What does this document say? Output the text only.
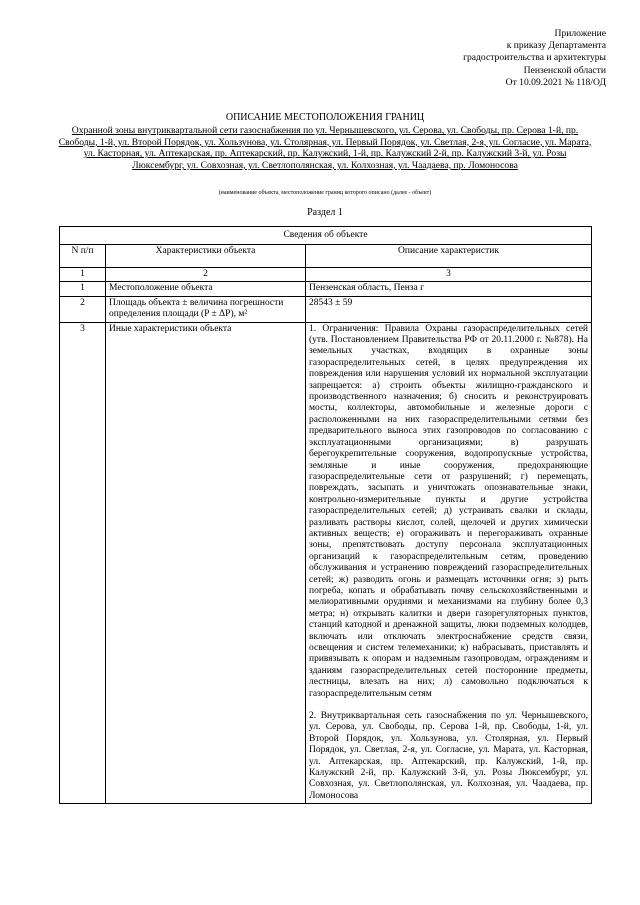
Приложение
к приказу Департамента
градостроительства и архитектуры
Пензенской области
От 10.09.2021 № 118/ОД
ОПИСАНИЕ МЕСТОПОЛОЖЕНИЯ ГРАНИЦ
Охранной зоны внутриквартальной сети газоснабжения по ул. Чернышевского, ул. Серова, ул. Свободы, пр. Серова 1-й, пр. Свободы, 1-й, ул. Второй Порядок, ул. Хользунова, ул. Столярная, ул. Первый Порядок, ул. Светлая, 2-я, ул. Согласие, ул. Марата, ул. Касторная, ул. Аптекарская, пр. Аптекарский, пр. Калужский, 1-й, пр. Калужский 2-й, пр. Калужский 3-й, ул. Розы Люксембург, ул. Совхозная, ул. Светлополянская, ул. Колхозная, ул. Чаадаева, пр. Ломоносова
(наименование объекта, местоположение границ которого описано (далее - объект)
Раздел 1
Сведения об объекте		
N п/п	Характеристики объекта	Описание характеристик
1	2	3
1	Местоположение объекта	Пензенская область, Пенза г
2	Площадь объекта ± величина погрешности определения площади (P ± ΔP), м²	28543 ± 59
3	Иные характеристики объекта	1. Ограничения: Правила Охраны газораспределительных сетей (утв. Постановлением Правительства РФ от 20.11.2000 г. №878). На земельных участках, входящих в охранные зоны газораспределительных сетей, в целях предупреждения их повреждения или нарушения условий их нормальной эксплуатации запрещается: а) строить объекты жилищно-гражданского и производственного назначения; б) сносить и реконструировать мосты, коллекторы, автомобильные и железные дороги с расположенными на них газораспределительными сетями без предварительного выноса этих газопроводов по согласованию с эксплуатационными организациями; в) разрушать берегоукрепительные сооружения, водопропускные устройства, земляные и иные сооружения, предохраняющие газораспределительные сети от разрушений; г) перемещать, повреждать, засыпать и уничтожать опознавательные знаки, контрольно-измерительные пункты и другие устройства газораспределительных сетей; д) устраивать свалки и склады, разливать растворы кислот, солей, щелочей и других химически активных веществ; е) огораживать и перегораживать охранные зоны, препятствовать доступу персонала эксплуатационных организаций к газораспределительным сетям, проведению обслуживания и устранению повреждений газораспределительных сетей; ж) разводить огонь и размещать источники огня; з) рыть погреба, копать и обрабатывать почву сельскохозяйственными и мелиоративными орудиями и механизмами на глубину более 0,3 метра; н) открывать калитки и двери газорегуляторных пунктов, станций катодной и дренажной защиты, люки подземных колодцев, включать или отключать электроснабжение средств связи, освещения и систем телемеханики; к) набрасывать, приставлять и привязывать к опорам и надземным газопроводам, ограждениям и зданиям газораспределительных сетей посторонние предметы, лестницы, влезать на них; л) самовольно подключаться к газораспределительным сетям
2. Внутриквартальная сеть газоснабжения по ул. Чернышевского, ул. Серова, ул. Свободы, пр. Серова 1-й, пр. Свободы, 1-й, ул. Второй Порядок, ул. Хользунова, ул. Столярная, ул. Первый Порядок, ул. Светлая, 2-я, ул. Согласие, ул. Марата, ул. Касторная, ул. Аптекарская, пр. Аптекарский, пр. Калужский, 1-й, пр. Калужский 2-й, пр. Калужский 3-й, ул. Розы Люксембург, ул. Совхозная, ул. Светлополянская, ул. Колхозная, ул. Чаадаева, пр. Ломоносова
